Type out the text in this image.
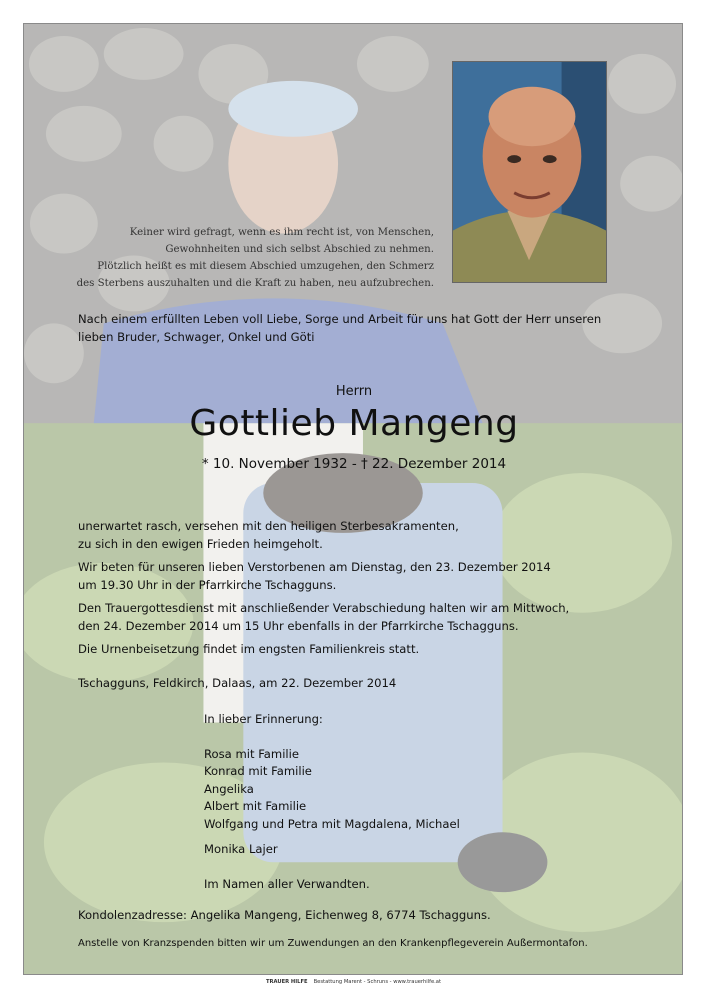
Keiner wird gefragt, wenn es ihm recht ist, von Menschen,
Gewohnheiten und sich selbst Abschied zu nehmen.
Plötzlich heißt es mit diesem Abschied umzugehen, den Schmerz
des Sterbens auszuhalten und die Kraft zu haben, neu aufzubrechen.
Nach einem erfüllten Leben voll Liebe, Sorge und Arbeit für uns hat Gott der Herr unseren
lieben Bruder, Schwager, Onkel und Göti
Herrn
Gottlieb Mangeng
* 10. November 1932 - † 22. Dezember 2014

unerwartet rasch, versehen mit den heiligen Sterbesakramenten,
zu sich in den ewigen Frieden heimgeholt.

Wir beten für unseren lieben Verstorbenen am Dienstag, den 23. Dezember 2014
um 19.30 Uhr in der Pfarrkirche Tschagguns.

Den Trauergottesdienst mit anschließender Verabschiedung halten wir am Mittwoch,
den 24. Dezember 2014 um 15 Uhr ebenfalls in der Pfarrkirche Tschagguns.

Die Urnenbeisetzung findet im engsten Familienkreis statt.

Tschagguns, Feldkirch, Dalaas, am 22. Dezember 2014
In lieber Erinnerung:
Rosa mit Familie
Konrad mit Familie
Angelika
Albert mit Familie
Wolfgang und Petra mit Magdalena, Michael
Monika Lajer
Im Namen aller Verwandten.
Kondolenzadresse: Angelika Mangeng, Eichenweg 8, 6774 Tschagguns.
Anstelle von Kranzspenden bitten wir um Zuwendungen an den Krankenpflegeverein Außermontafon.
TRAUER HILFE Bestattung Marent - Schruns - www.trauerhilfe.at
